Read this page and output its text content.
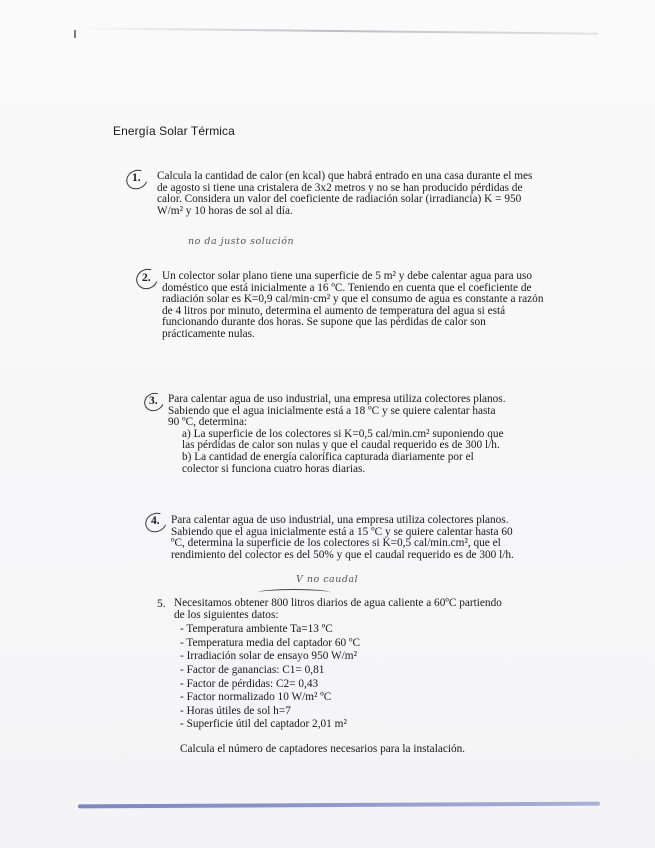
Energía Solar Térmica
1. Calcula la cantidad de calor (en kcal) que habrá entrado en una casa durante el mes de agosto si tiene una cristalera de 3x2 metros y no se han producido pérdidas de calor. Considera un valor del coeficiente de radiación solar (irradiancia) K = 950 W/m² y 10 horas de sol al día.
no da justo solución
2. Un colector solar plano tiene una superficie de 5 m² y debe calentar agua para uso doméstico que está inicialmente a 16 ºC. Teniendo en cuenta que el coeficiente de radiación solar es K=0,9 cal/min·cm² y que el consumo de agua es constante a razón de 4 litros por minuto, determina el aumento de temperatura del agua si está funcionando durante dos horas. Se supone que las pérdidas de calor son prácticamente nulas.
3. Para calentar agua de uso industrial, una empresa utiliza colectores planos. Sabiendo que el agua inicialmente está a 18 ºC y se quiere calentar hasta 90 ºC, determina:
a) La superficie de los colectores si K=0,5 cal/min.cm² suponiendo que las pérdidas de calor son nulas y que el caudal requerido es de 300 l/h.
b) La cantidad de energía calorífica capturada diariamente por el colector si funciona cuatro horas diarias.
4. Para calentar agua de uso industrial, una empresa utiliza colectores planos. Sabiendo que el agua inicialmente está a 15 ºC y se quiere calentar hasta 60 ºC, determina la superficie de los colectores si K=0,5 cal/min.cm², que el rendimiento del colector es del 50% y que el caudal requerido es de 300 l/h.
V no caudal
5. Necesitamos obtener 800 litros diarios de agua caliente a 60ºC partiendo de los siguientes datos:
- Temperatura ambiente Ta=13 ºC
- Temperatura media del captador 60 ºC
- Irradiación solar de ensayo 950 W/m²
- Factor de ganancias: C1= 0,81
- Factor de pérdidas: C2= 0,43
- Factor normalizado 10 W/m² ºC
- Horas útiles de sol h=7
- Superficie útil del captador 2,01 m²
Calcula el número de captadores necesarios para la instalación.
